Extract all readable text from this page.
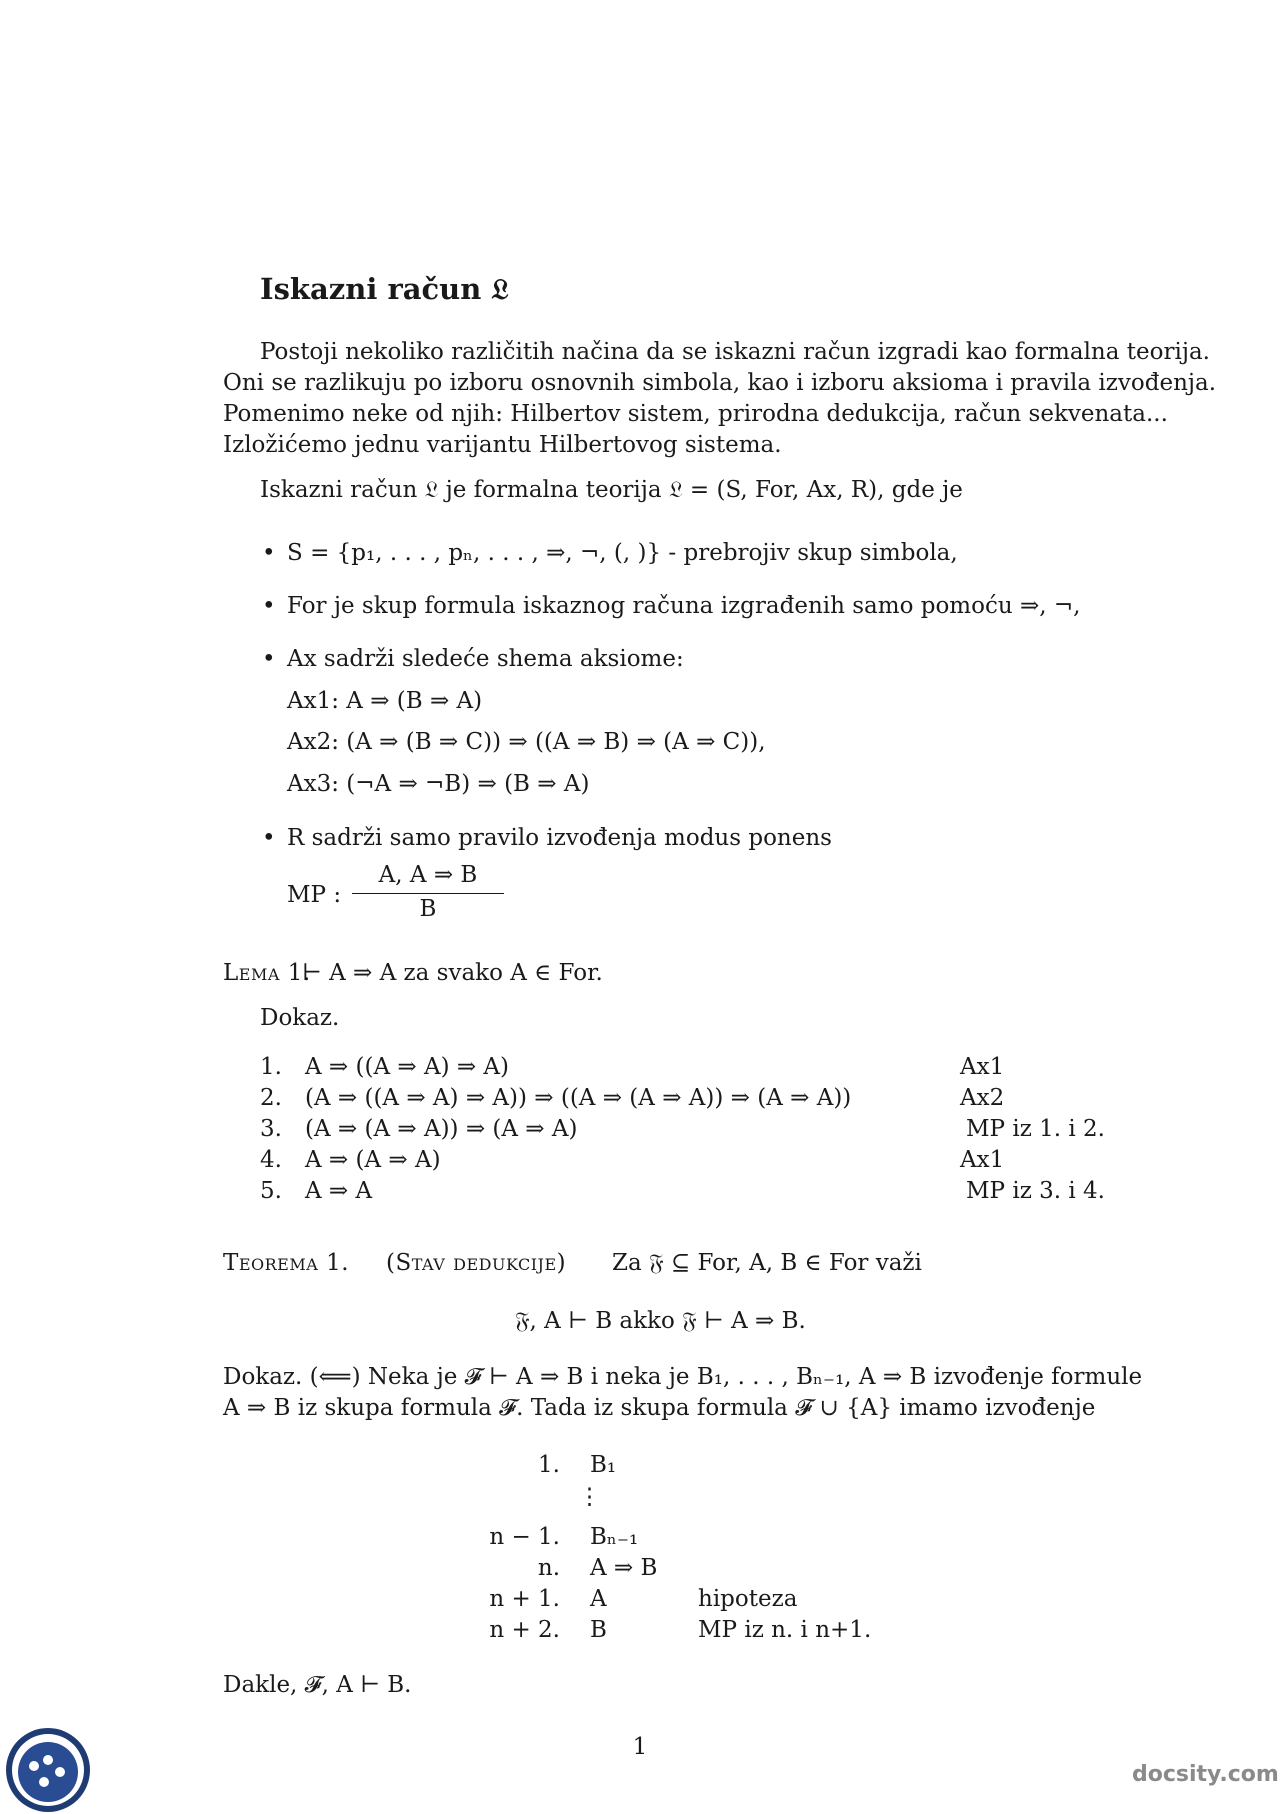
Iskazni račun 𝔏
Postoji nekoliko različitih načina da se iskazni račun izgradi kao formalna teorija.
Oni se razlikuju po izboru osnovnih simbola, kao i izboru aksioma i pravila izvođenja.
Pomenimo neke od njih: Hilbertov sistem, prirodna dedukcija, račun sekvenata...
Izložićemo jednu varijantu Hilbertovog sistema.
Iskazni račun 𝔏 je formalna teorija 𝔏 = (S, For, Ax, R), gde je
• S = {p₁, . . . , pₙ, . . . , ⇒, ¬, (, )} - prebrojiv skup simbola,
• For je skup formula iskaznog računa izgrađenih samo pomoću ⇒, ¬,
• Ax sadrži sledeće shema aksiome:
Ax1: A ⇒ (B ⇒ A)
Ax2: (A ⇒ (B ⇒ C)) ⇒ ((A ⇒ B) ⇒ (A ⇒ C)),
Ax3: (¬A ⇒ ¬B) ⇒ (B ⇒ A)
• R sadrži samo pravilo izvođenja modus ponens
MP : $\frac{A, A \Rightarrow B}{B}$
Lema 1.
⊢ A ⇒ A za svako A ∈ For.
Dokaz.
1. A ⇒ ((A ⇒ A) ⇒ A)	Ax1
2. (A ⇒ ((A ⇒ A) ⇒ A)) ⇒ ((A ⇒ (A ⇒ A)) ⇒ (A ⇒ A))	Ax2
3. (A ⇒ (A ⇒ A)) ⇒ (A ⇒ A)	MP iz 1. i 2.
4. A ⇒ (A ⇒ A)	Ax1
5. A ⇒ A	MP iz 3. i 4.
Teorema 1. (Stav dedukcije) Za 𝔉 ⊆ For, A, B ∈ For važi
𝔉, A ⊢ B akko 𝔉 ⊢ A ⇒ B.
Dokaz. (⟸) Neka je 𝓕 ⊢ A ⇒ B i neka je B₁, . . . , Bₙ₋₁, A ⇒ B izvođenje formule
A ⇒ B iz skupa formula 𝓕. Tada iz skupa formula 𝓕 ∪ {A} imamo izvođenje
1. B₁
⋮
n − 1. Bₙ₋₁
n. A ⇒ B
n + 1. A	hipoteza
n + 2. B	MP iz n. i n+1.
Dakle, 𝓕, A ⊢ B.
1
docsity.com
